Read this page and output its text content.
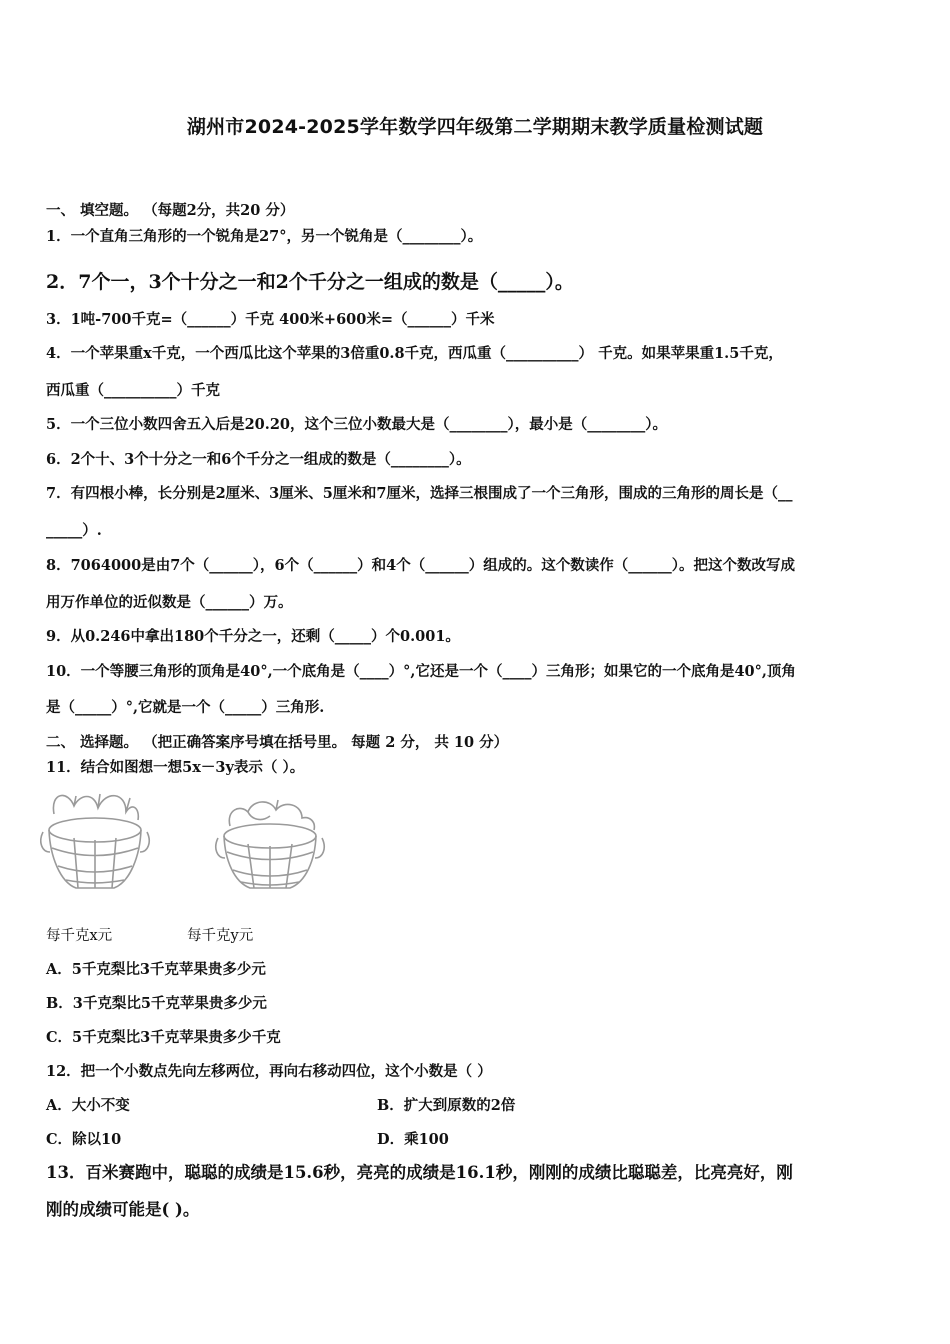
湖州市2024-2025学年数学四年级第二学期期末教学质量检测试题
一、 填空题。 （每题2分，共20 分）
1．一个直角三角形的一个锐角是27°，另一个锐角是（________）。
2．7个一，3个十分之一和2个千分之一组成的数是（_____）。
3．1吨-700千克=（______）千克 400米+600米=（______）千米
4．一个苹果重x千克，一个西瓜比这个苹果的3倍重0.8千克，西瓜重（__________） 千克。如果苹果重1.5千克，
西瓜重（__________）千克
5．一个三位小数四舍五入后是20.20，这个三位小数最大是（________），最小是（________）。
6．2个十、3个十分之一和6个千分之一组成的数是（________）。
7．有四根小棒，长分别是2厘米、3厘米、5厘米和7厘米，选择三根围成了一个三角形，围成的三角形的周长是（__
_____）.
8．7064000是由7个（______），6个（______）和4个（______）组成的。这个数读作（______）。把这个数改写成
用万作单位的近似数是（______）万。
9．从0.246中拿出180个千分之一，还剩（_____）个0.001。
10．一个等腰三角形的顶角是40°,一个底角是（____）°,它还是一个（____）三角形；如果它的一个底角是40°,顶角
是（_____）°,它就是一个（_____）三角形.
二、 选择题。 （把正确答案序号填在括号里。 每题 2 分， 共 10 分）
11．结合如图想一想5x－3y表示（ ）。
每千克x元	每千克y元
A．5千克梨比3千克苹果贵多少元
B．3千克梨比5千克苹果贵多少元
C．5千克梨比3千克苹果贵多少千克
12．把一个小数点先向左移两位，再向右移动四位，这个小数是（ ）
A．大小不变	B．扩大到原数的2倍
C．除以10	D．乘100
13．百米赛跑中，聪聪的成绩是15.6秒，亮亮的成绩是16.1秒，刚刚的成绩比聪聪差，比亮亮好，刚
刚的成绩可能是( )。
